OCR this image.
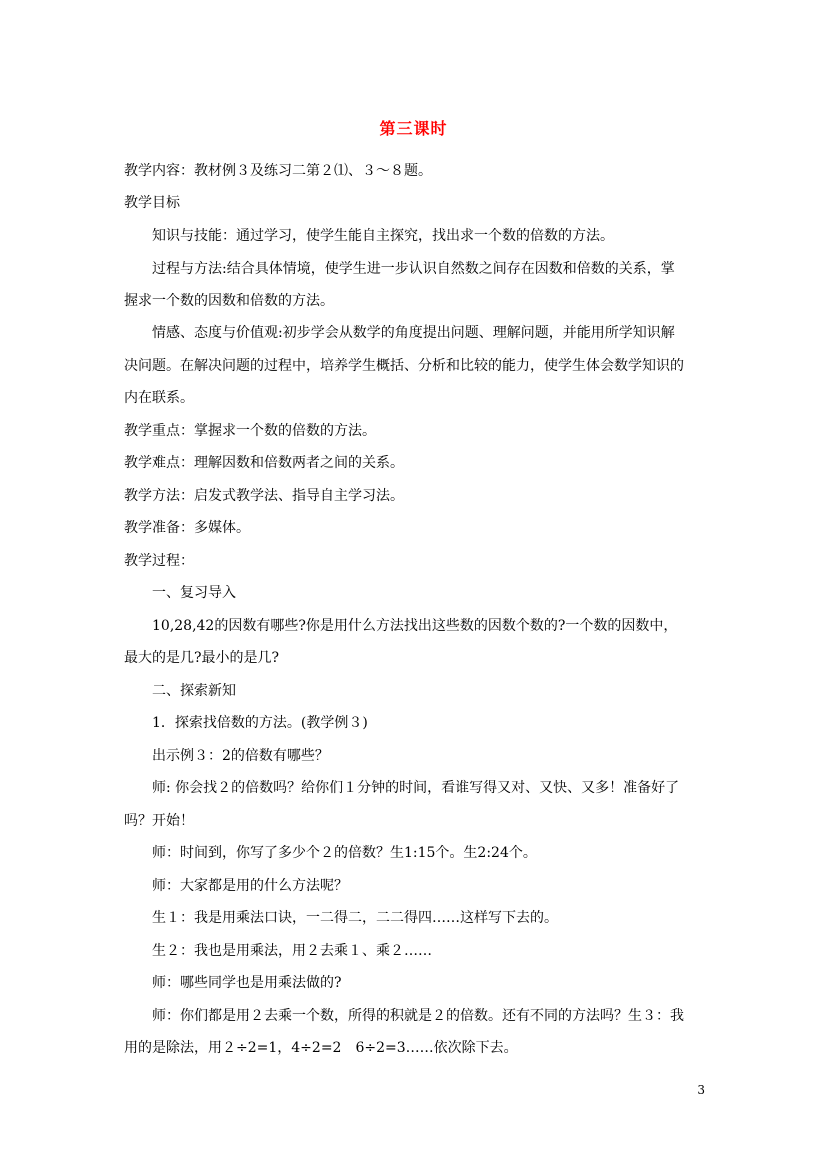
第三课时
教学内容：教材例３及练习二第２⑴、３～８题。
教学目标
知识与技能：通过学习，使学生能自主探究，找出求一个数的倍数的方法。
过程与方法:结合具体情境，使学生进一步认识自然数之间存在因数和倍数的关系，掌
握求一个数的因数和倍数的方法。
情感、态度与价值观:初步学会从数学的角度提出问题、理解问题，并能用所学知识解
决问题。在解决问题的过程中，培养学生概括、分析和比较的能力，使学生体会数学知识的
内在联系。
教学重点：掌握求一个数的倍数的方法。
教学难点：理解因数和倍数两者之间的关系。
教学方法：启发式教学法、指导自主学习法。
教学准备：多媒体。
教学过程：
一、复习导入
10,28,42的因数有哪些?你是用什么方法找出这些数的因数个数的?一个数的因数中，
最大的是几?最小的是几?
二、探索新知
1．探索找倍数的方法。(教学例３)
出示例３：2的倍数有哪些？
师: 你会找２的倍数吗？给你们１分钟的时间，看谁写得又对、又快、又多！准备好了
吗？开始！
师：时间到，你写了多少个２的倍数？生1:15个。生2:24个。
师：大家都是用的什么方法呢？
生１：我是用乘法口诀，一二得二，二二得四……这样写下去的。
生２：我也是用乘法，用２去乘１、乘２……
师：哪些同学也是用乘法做的?
师：你们都是用２去乘一个数，所得的积就是２的倍数。还有不同的方法吗？生３：我
用的是除法，用２÷2=1，4÷2=2　6÷2=3……依次除下去。
3
